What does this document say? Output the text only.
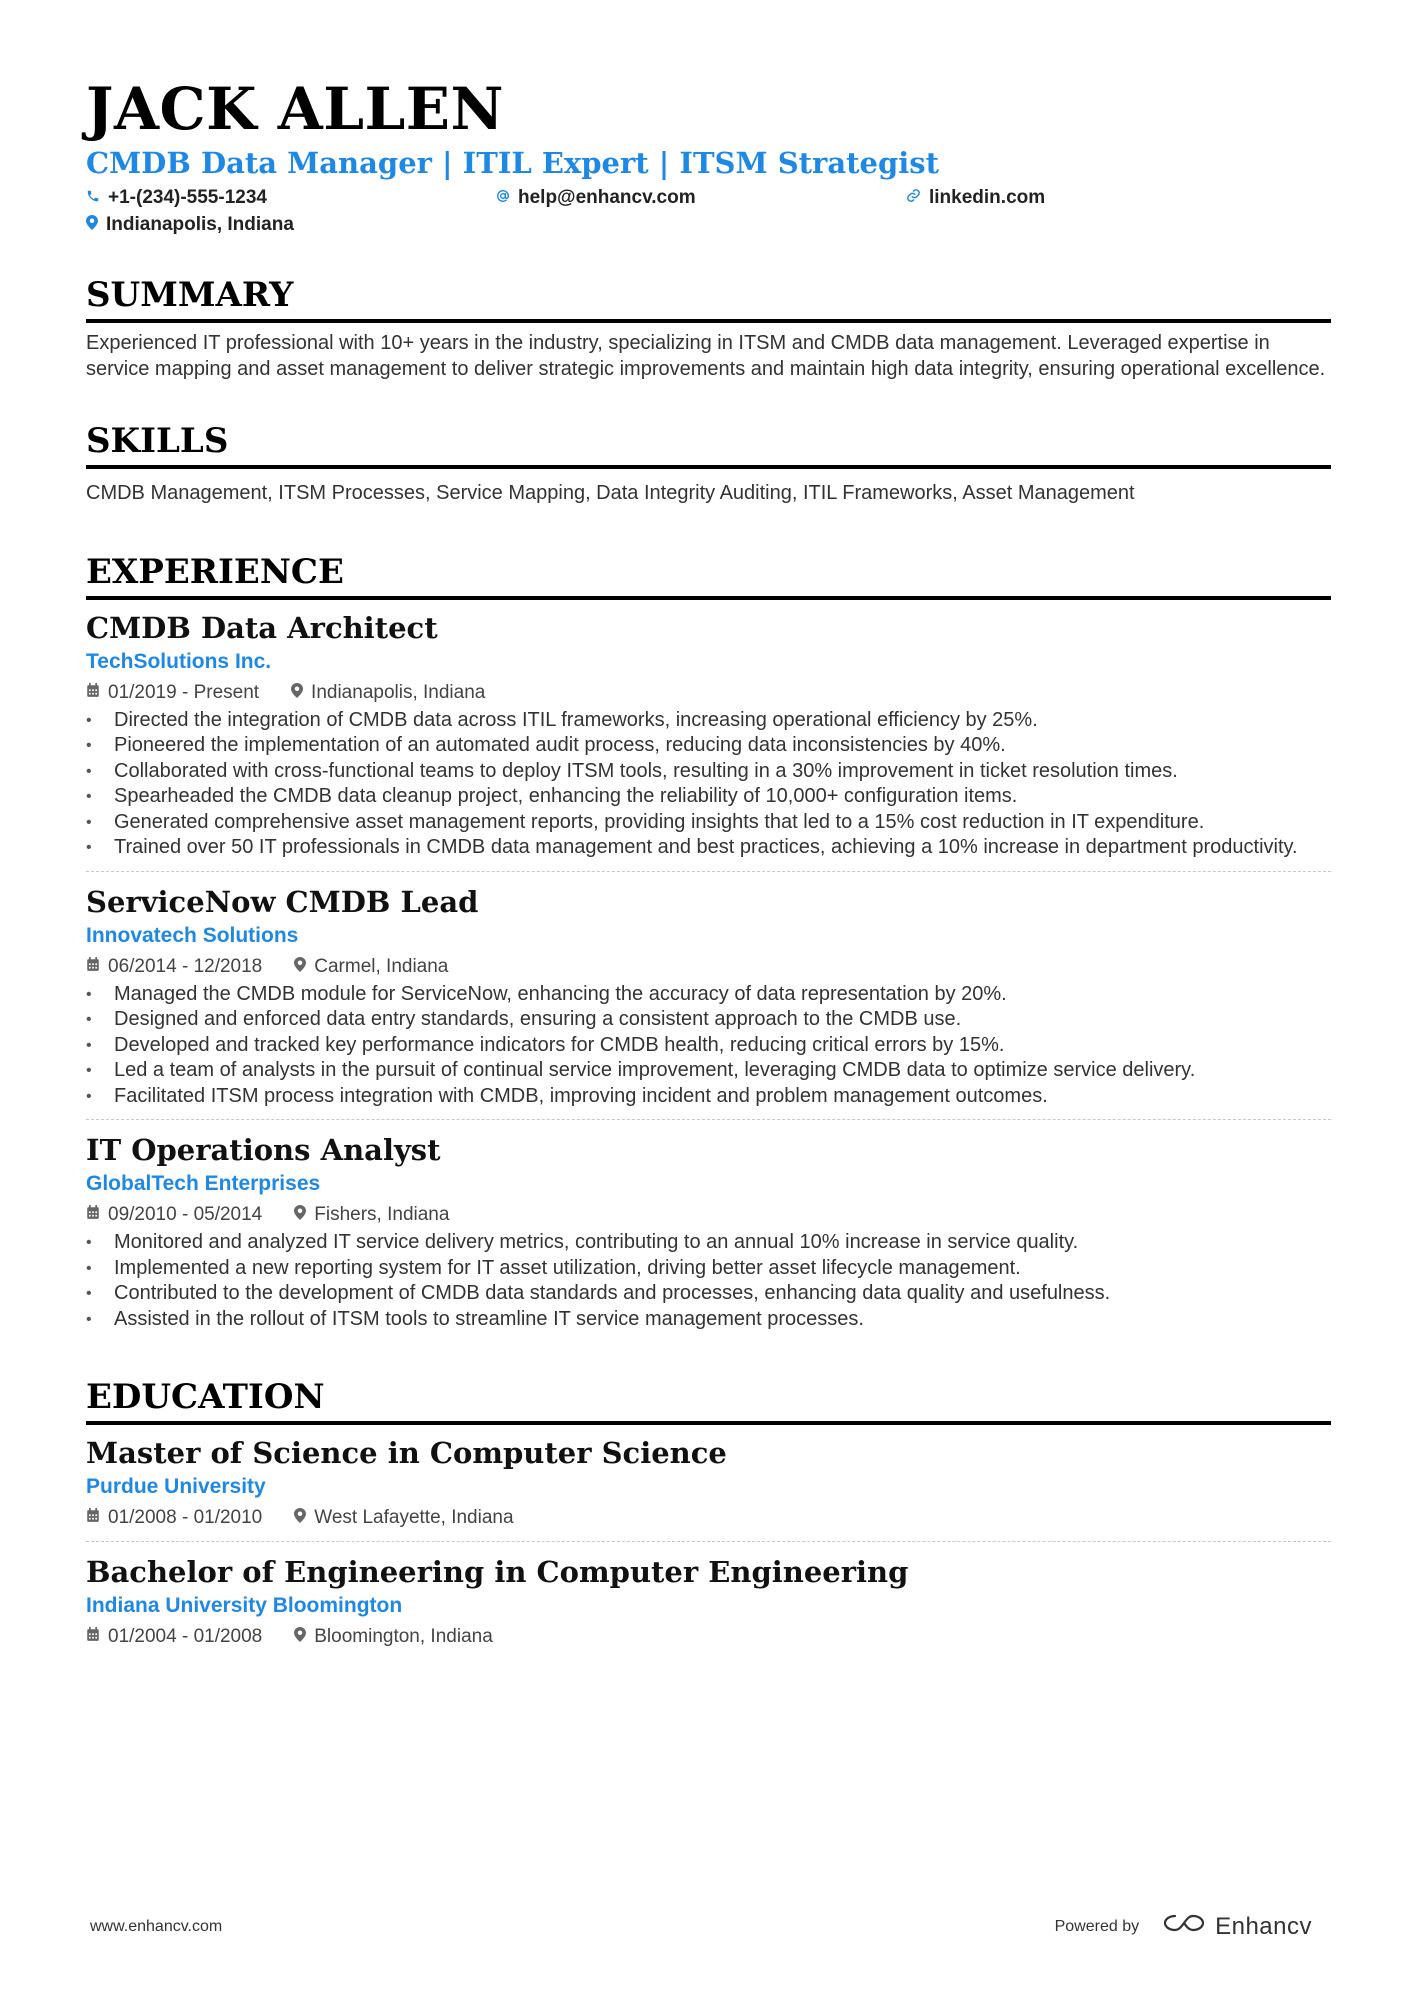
JACK ALLEN
CMDB Data Manager | ITIL Expert | ITSM Strategist
+1-(234)-555-1234	help@enhancv.com	linkedin.com
Indianapolis, Indiana
SUMMARY

Experienced IT professional with 10+ years in the industry, specializing in ITSM and CMDB data management. Leveraged expertise in service mapping and asset management to deliver strategic improvements and maintain high data integrity, ensuring operational excellence.

SKILLS

CMDB Management, ITSM Processes, Service Mapping, Data Integrity Auditing, ITIL Frameworks, Asset Management

EXPERIENCE
CMDB Data Architect
TechSolutions Inc.
01/2019 - Present	Indianapolis, Indiana
• Directed the integration of CMDB data across ITIL frameworks, increasing operational efficiency by 25%.
• Pioneered the implementation of an automated audit process, reducing data inconsistencies by 40%.
• Collaborated with cross-functional teams to deploy ITSM tools, resulting in a 30% improvement in ticket resolution times.
• Spearheaded the CMDB data cleanup project, enhancing the reliability of 10,000+ configuration items.
• Generated comprehensive asset management reports, providing insights that led to a 15% cost reduction in IT expenditure.
• Trained over 50 IT professionals in CMDB data management and best practices, achieving a 10% increase in department productivity.
ServiceNow CMDB Lead
Innovatech Solutions
06/2014 - 12/2018	Carmel, Indiana
• Managed the CMDB module for ServiceNow, enhancing the accuracy of data representation by 20%.
• Designed and enforced data entry standards, ensuring a consistent approach to the CMDB use.
• Developed and tracked key performance indicators for CMDB health, reducing critical errors by 15%.
• Led a team of analysts in the pursuit of continual service improvement, leveraging CMDB data to optimize service delivery.
• Facilitated ITSM process integration with CMDB, improving incident and problem management outcomes.
IT Operations Analyst
GlobalTech Enterprises
09/2010 - 05/2014	Fishers, Indiana
• Monitored and analyzed IT service delivery metrics, contributing to an annual 10% increase in service quality.
• Implemented a new reporting system for IT asset utilization, driving better asset lifecycle management.
• Contributed to the development of CMDB data standards and processes, enhancing data quality and usefulness.
• Assisted in the rollout of ITSM tools to streamline IT service management processes.
EDUCATION
Master of Science in Computer Science
Purdue University
01/2008 - 01/2010	West Lafayette, Indiana
Bachelor of Engineering in Computer Engineering
Indiana University Bloomington
01/2004 - 01/2008	Bloomington, Indiana
www.enhancv.com	Powered by	Enhancv
